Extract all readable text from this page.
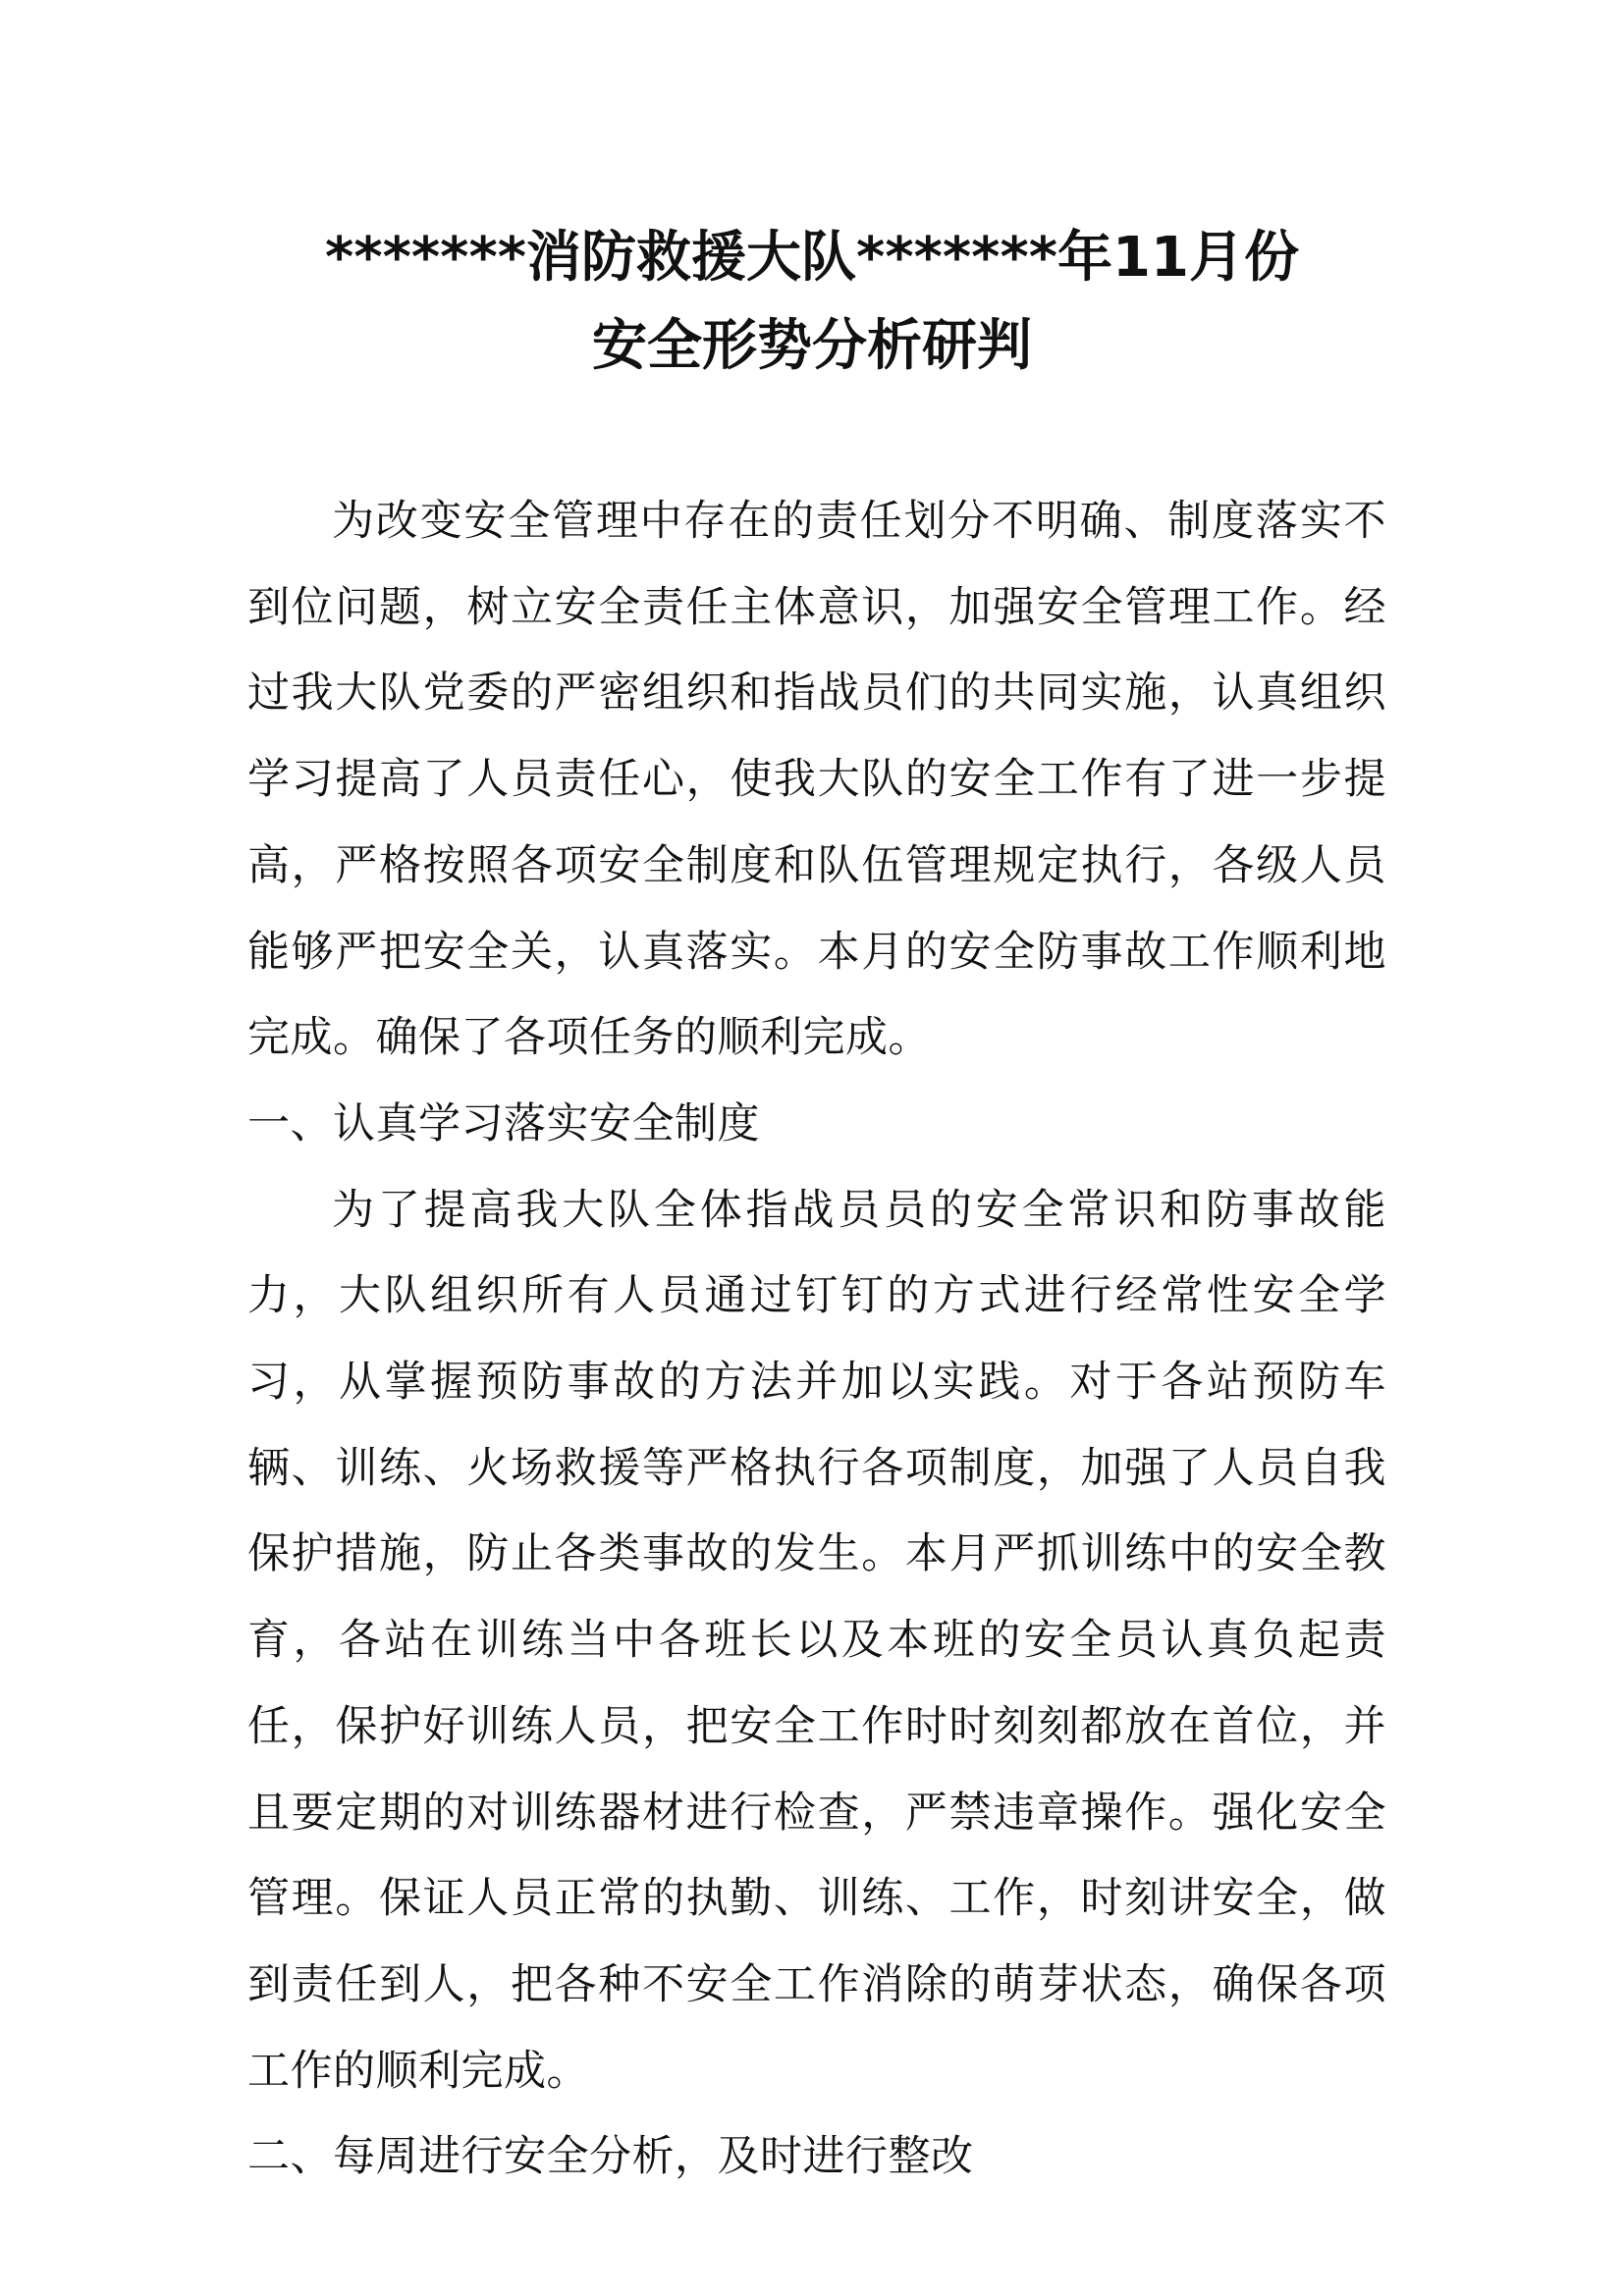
*******消防救援大队*******年11月份
安全形势分析研判

为改变安全管理中存在的责任划分不明确、制度落实不到位问题，树立安全责任主体意识，加强安全管理工作。经过我大队党委的严密组织和指战员们的共同实施，认真组织学习提高了人员责任心，使我大队的安全工作有了进一步提高，严格按照各项安全制度和队伍管理规定执行，各级人员能够严把安全关，认真落实。本月的安全防事故工作顺利地完成。确保了各项任务的顺利完成。

一、认真学习落实安全制度

为了提高我大队全体指战员员的安全常识和防事故能力，大队组织所有人员通过钉钉的方式进行经常性安全学习，从掌握预防事故的方法并加以实践。对于各站预防车辆、训练、火场救援等严格执行各项制度，加强了人员自我保护措施，防止各类事故的发生。本月严抓训练中的安全教育，各站在训练当中各班长以及本班的安全员认真负起责任，保护好训练人员，把安全工作时时刻刻都放在首位，并且要定期的对训练器材进行检查，严禁违章操作。强化安全管理。保证人员正常的执勤、训练、工作，时刻讲安全，做到责任到人，把各种不安全工作消除的萌芽状态，确保各项工作的顺利完成。

二、每周进行安全分析，及时进行整改
